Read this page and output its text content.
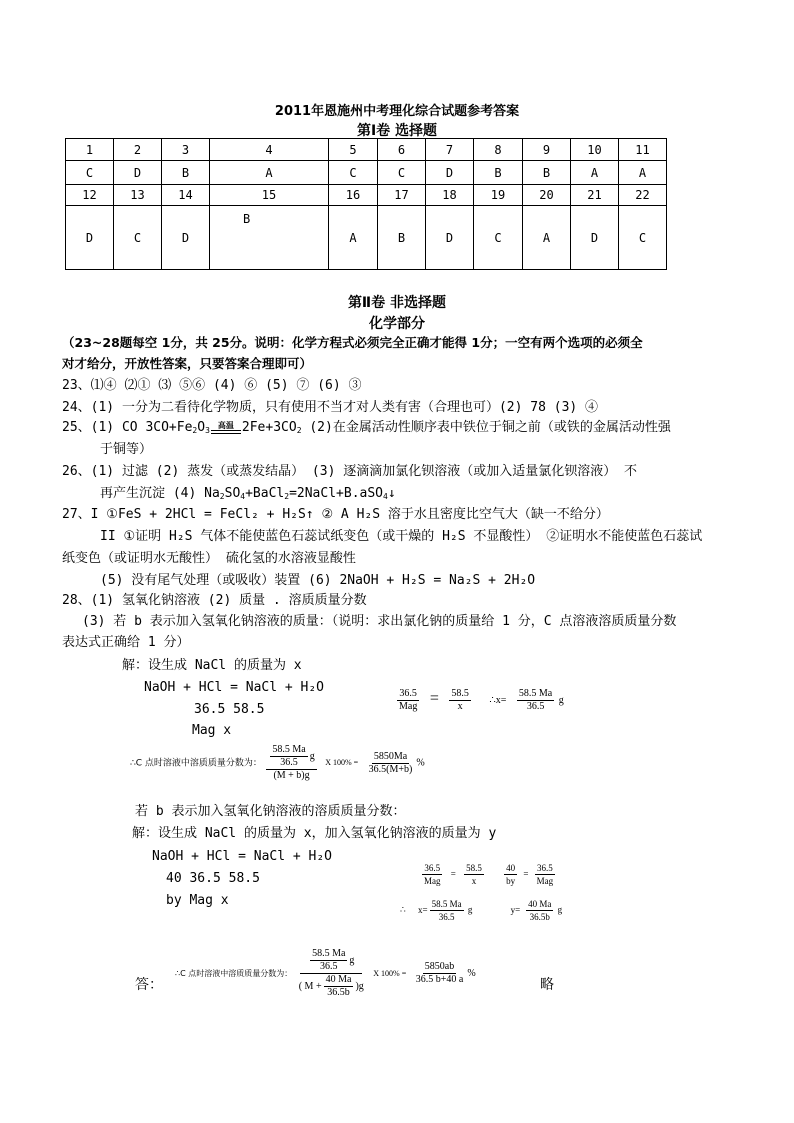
2011年恩施州中考理化综合试题参考答案
第Ⅰ卷 选择题
1	2	3	4	5	6	7	8	9	10	11
C	D	B	A	C	C	D	B	B	A	A
12	13	14	15	16	17	18	19	20	21	22
D	C	D	B	A	B	D	C	A	D	C
第Ⅱ卷 非选择题
化学部分
（23~28题每空 1分，共 25分。说明：化学方程式必须完全正确才能得 1分；一空有两个选项的必须全
对才给分，开放性答案，只要答案合理即可）
23、⑴④ ⑵① ⑶ ⑤⑥ (4) ⑥ (5) ⑦ (6) ③
24、(1) 一分为二看待化学物质，只有使用不当才对人类有害（合理也可）(2) 78 (3) ④
25、(1) CO $3CO+Fe_2O_3$
高温 $2Fe+3CO_2$ (2)在金属活动性顺序表中铁位于铜之前（或铁的金属活动性强
于铜等）
26、(1) 过滤 (2) 蒸发（或蒸发结晶） (3) 逐滴滴加氯化钡溶液（或加入适量氯化钡溶液） 不
再产生沉淀 (4) $Na_2SO_4+BaCl_2=2NaCl+B.aSO_4↓$
27、I ①FeS + 2HCl = FeCl₂ + H₂S↑ ② A H₂S 溶于水且密度比空气大（缺一不给分）
II ①证明 H₂S 气体不能使蓝色石蕊试纸变色（或干燥的 H₂S 不显酸性） ②证明水不能使蓝色石蕊试
纸变色（或证明水无酸性） 硫化氢的水溶液显酸性
(5) 没有尾气处理（或吸收）装置 (6) 2NaOH + H₂S = Na₂S + 2H₂O
28、(1) 氢氧化钠溶液 (2) 质量 . 溶质质量分数
(3) 若 b 表示加入氢氧化钠溶液的质量：（说明：求出氯化钠的质量给 1 分，C 点溶液溶质质量分数
表达式正确给 1 分）
解：设生成 NaCl 的质量为 x
NaOH + HCl = NaCl + H₂O
36.5 58.5
Mag x
$\frac{36.5}{\text{Mag}} = \frac{58.5}{x}$ ∴x= $\frac{58.5 Ma}{36.5}$ g
∴C 点时溶液中溶质质量分数为： $\frac{\frac{58.5 Ma}{36.5} g}{(M + b)g}$ X $100\% = \frac{5850Ma}{36.5(M+b)}$ %
若 b 表示加入氢氧化钠溶液的溶质质量分数：
解：设生成 NaCl 的质量为 x，加入氢氧化钠溶液的质量为 y
NaOH + HCl = NaCl + H₂O
40 36.5 58.5
by Mag x
$\frac{36.5}{\text{Mag}} = \frac{58.5}{x}$
$\frac{40}{by} = \frac{36.5}{\text{Mag}}$
∴ $x= \frac{58.5 Ma}{36.5}$ g	$y= \frac{40 Ma}{36.5b}$ g
答：
∴C 点时溶液中溶质质量分数为： $\frac{\frac{58.5 Ma}{36.5} g}{( M + \frac{40 Ma}{36.5b} )g}$ X $100\% = \frac{5850ab}{36.5 b+40 a}$ %
略
